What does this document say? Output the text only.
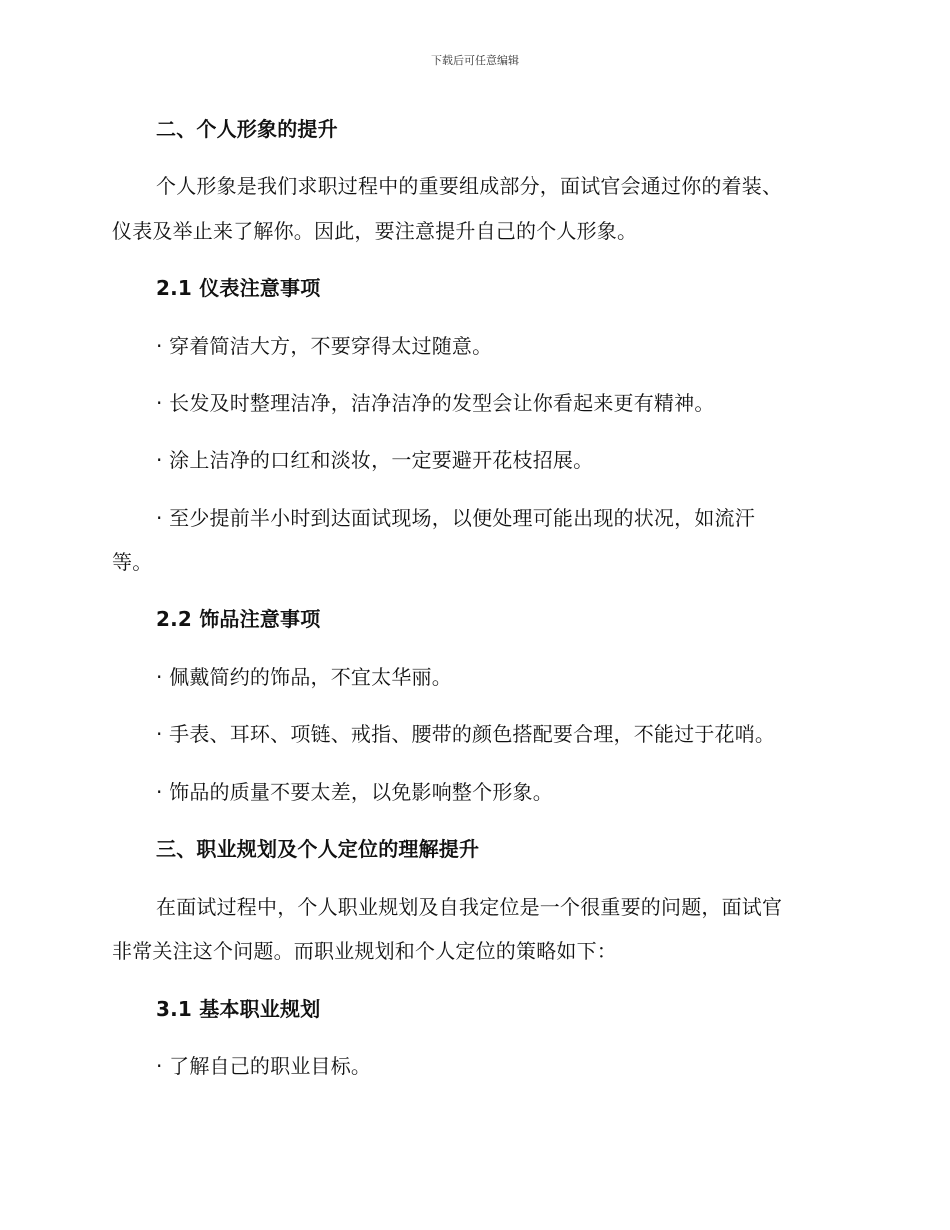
下载后可任意编辑
二、个人形象的提升
个人形象是我们求职过程中的重要组成部分，面试官会通过你的着装、
仪表及举止来了解你。因此，要注意提升自己的个人形象。
2.1 仪表注意事项
· 穿着简洁大方，不要穿得太过随意。
· 长发及时整理洁净，洁净洁净的发型会让你看起来更有精神。
· 涂上洁净的口红和淡妆，一定要避开花枝招展。
· 至少提前半小时到达面试现场，以便处理可能出现的状况，如流汗
等。
2.2 饰品注意事项
· 佩戴简约的饰品，不宜太华丽。
· 手表、耳环、项链、戒指、腰带的颜色搭配要合理，不能过于花哨。
· 饰品的质量不要太差，以免影响整个形象。
三、职业规划及个人定位的理解提升
在面试过程中，个人职业规划及自我定位是一个很重要的问题，面试官
非常关注这个问题。而职业规划和个人定位的策略如下：
3.1 基本职业规划
· 了解自己的职业目标。
